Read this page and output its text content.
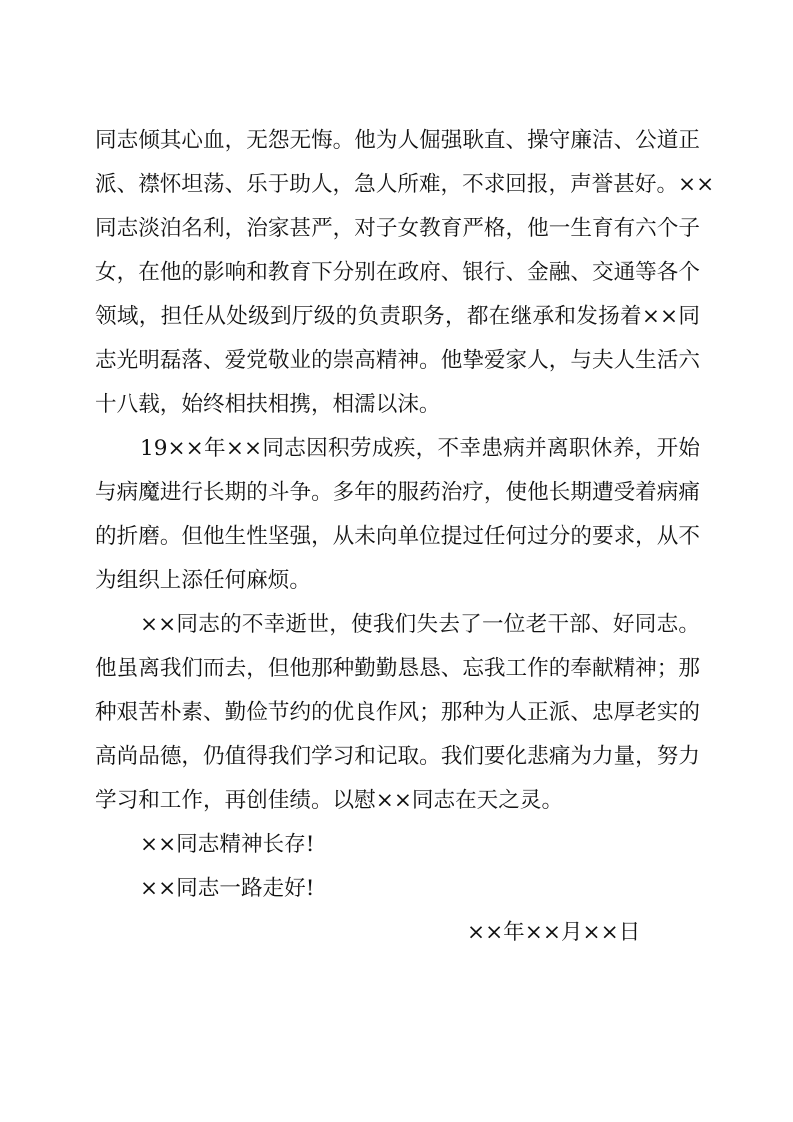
同志倾其心血，无怨无悔。他为人倔强耿直、操守廉洁、公道正
派、襟怀坦荡、乐于助人，急人所难，不求回报，声誉甚好。××
同志淡泊名利，治家甚严，对子女教育严格，他一生育有六个子
女，在他的影响和教育下分别在政府、银行、金融、交通等各个
领域，担任从处级到厅级的负责职务，都在继承和发扬着××同
志光明磊落、爱党敬业的崇高精神。他挚爱家人，与夫人生活六
十八载，始终相扶相携，相濡以沫。
19××年××同志因积劳成疾，不幸患病并离职休养，开始
与病魔进行长期的斗争。多年的服药治疗，使他长期遭受着病痛
的折磨。但他生性坚强，从未向单位提过任何过分的要求，从不
为组织上添任何麻烦。
××同志的不幸逝世，使我们失去了一位老干部、好同志。
他虽离我们而去，但他那种勤勤恳恳、忘我工作的奉献精神；那
种艰苦朴素、勤俭节约的优良作风；那种为人正派、忠厚老实的
高尚品德，仍值得我们学习和记取。我们要化悲痛为力量，努力
学习和工作，再创佳绩。以慰××同志在天之灵。
××同志精神长存!
××同志一路走好!
××年××月××日
